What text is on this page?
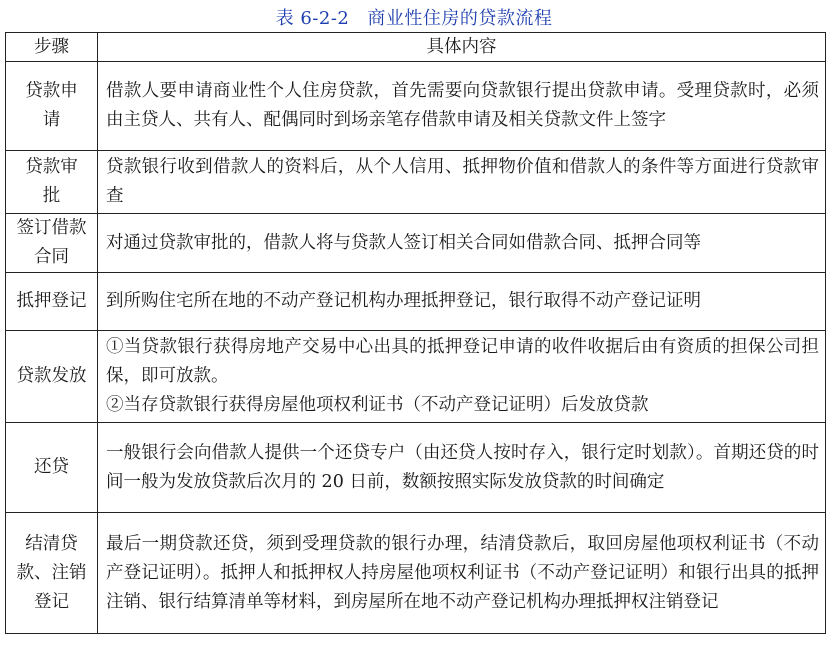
表 6-2-2 商业性住房的贷款流程
步骤	具体内容
贷款申请	借款人要申请商业性个人住房贷款，首先需要向贷款银行提出贷款申请。受理贷款时，必须由主贷人、共有人、配偶同时到场亲笔存借款申请及相关贷款文件上签字

贷款审批	贷款银行收到借款人的资料后，从个人信用、抵押物价值和借款人的条件等方面进行贷款审查

签订借款合同	对通过贷款审批的，借款人将与贷款人签订相关合同如借款合同、抵押合同等

抵押登记	到所购住宅所在地的不动产登记机构办理抵押登记，银行取得不动产登记证明

贷款发放	①当贷款银行获得房地产交易中心出具的抵押登记申请的收件收据后由有资质的担保公司担保，即可放款。

②当存贷款银行获得房屋他项权利证书（不动产登记证明）后发放贷款

还贷	一般银行会向借款人提供一个还贷专户（由还贷人按时存入，银行定时划款）。首期还贷的时间一般为发放贷款后次月的 20 日前，数额按照实际发放贷款的时间确定

结清贷款、注销登记	最后一期贷款还贷，须到受理贷款的银行办理，结清贷款后，取回房屋他项权利证书（不动产登记证明）。抵押人和抵押权人持房屋他项权利证书（不动产登记证明）和银行出具的抵押注销、银行结算清单等材料，到房屋所在地不动产登记机构办理抵押权注销登记
